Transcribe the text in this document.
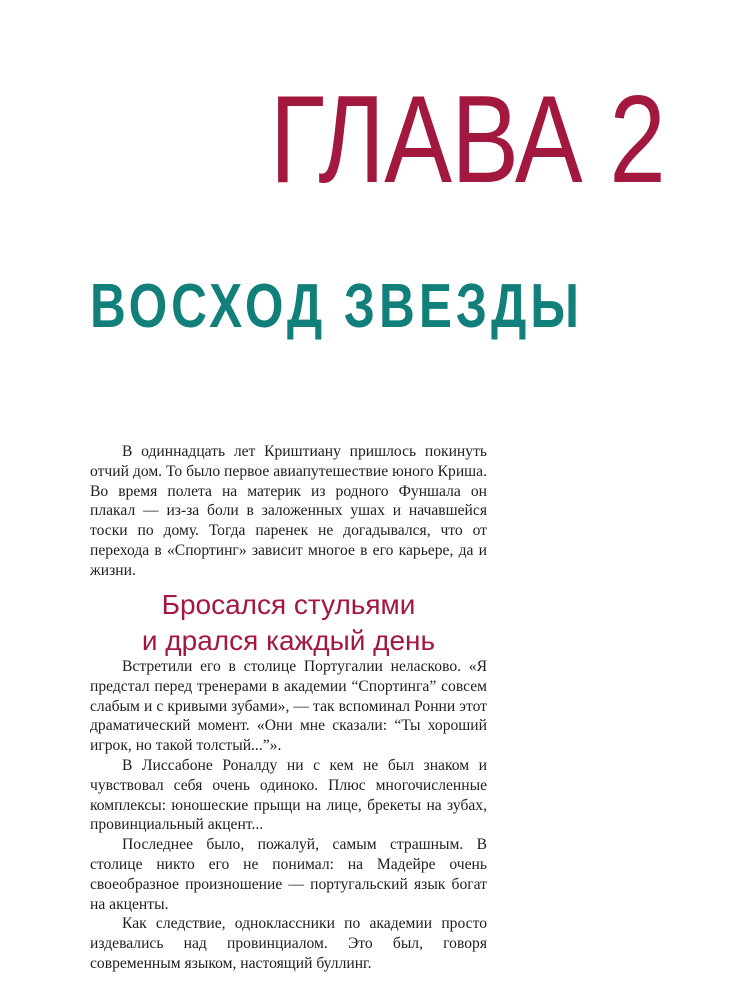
ГЛАВА 2
ВОСХОД ЗВЕЗДЫ

В одиннадцать лет Криштиану пришлось покинуть отчий дом. То было первое авиапутешествие юного Криша. Во время полета на материк из родного Фуншала он плакал — из-за боли в заложенных ушах и начавшейся тоски по дому. Тогда паренек не догадывался, что от перехода в «Спортинг» зависит многое в его карьере, да и жизни.

Бросался стульями
и дрался каждый день

Встретили его в столице Португалии неласково. «Я предстал перед тренерами в академии “Спортинга” совсем слабым и с кривыми зубами», — так вспоминал Ронни этот драматический момент. «Они мне сказали: “Ты хороший игрок, но такой толстый...”».

В Лиссабоне Роналду ни с кем не был знаком и чувствовал себя очень одиноко. Плюс многочисленные комплексы: юношеские прыщи на лице, брекеты на зубах, провинциальный акцент...

Последнее было, пожалуй, самым страшным. В столице никто его не понимал: на Мадейре очень своеобразное произношение — португальский язык богат на акценты.

Как следствие, одноклассники по академии просто издевались над провинциалом. Это был, говоря современным языком, настоящий буллинг.
